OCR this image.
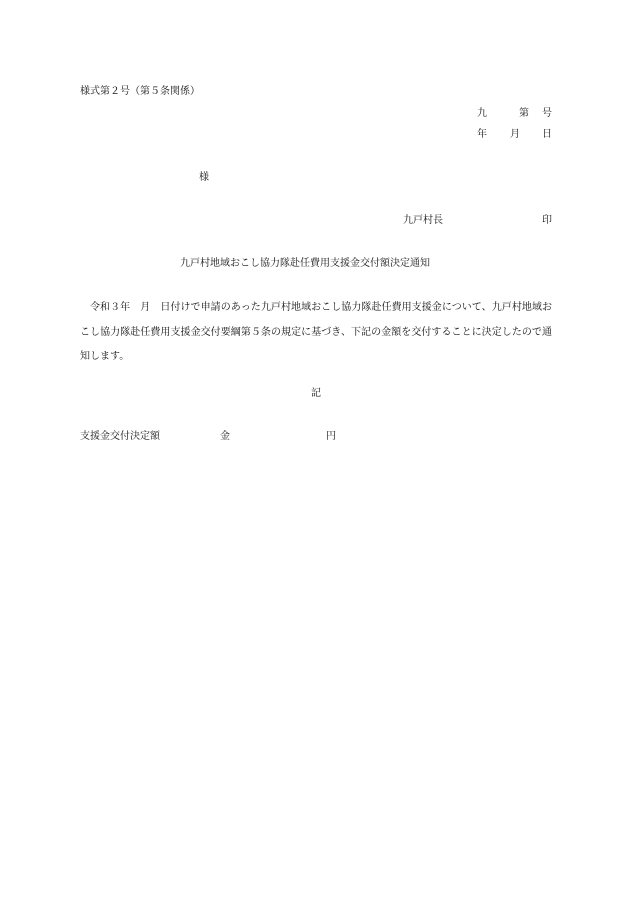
様式第２号（第５条関係）
九	第 号
年 月 日
様
九戸村長	印
九戸村地域おこし協力隊赴任費用支援金交付額決定通知
令和３年　月　日付けで申請のあった九戸村地域おこし協力隊赴任費用支援金について、九戸村地域おこし協力隊赴任費用支援金交付要綱第５条の規定に基づき、下記の金額を交付することに決定したので通知します。
記
支援金交付決定額	金	円
